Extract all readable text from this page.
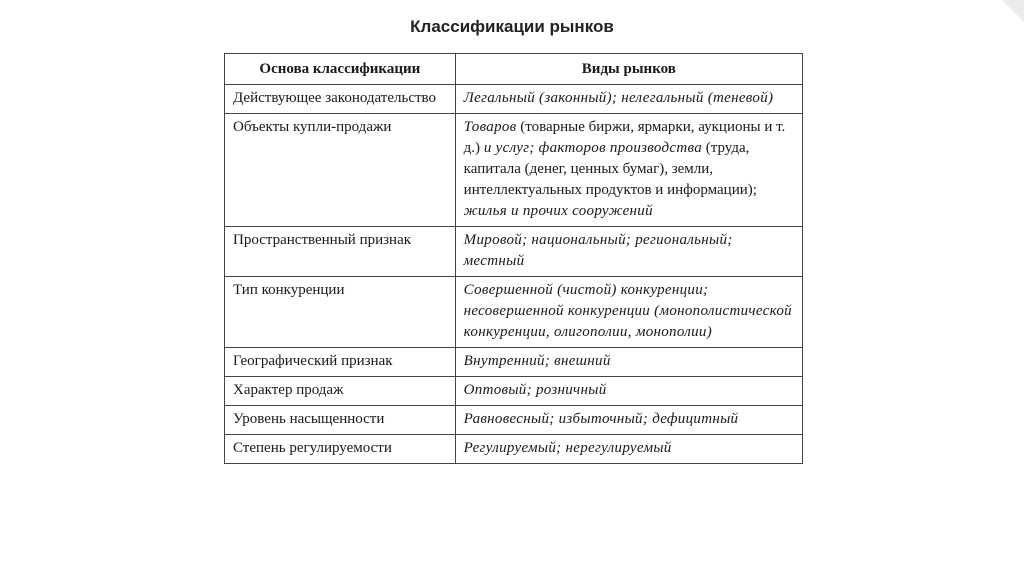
Классификации рынков
Основа классификации	Виды рынков
Действующее законодательство	Легальный (законный); нелегальный (теневой)
Объекты купли-продажи	Товаров (товарные биржи, ярмарки, аукционы и т. д.) и услуг; факторов производства (труда, капитала (денег, ценных бумаг), земли, интеллектуальных продуктов и информации); жилья и прочих сооружений
Пространственный признак	Мировой; национальный; региональный; местный
Тип конкуренции	Совершенной (чистой) конкуренции; несовершенной конкуренции (монополистической конкуренции, олигополии, монополии)
Географический признак	Внутренний; внешний
Характер продаж	Оптовый; розничный
Уровень насыщенности	Равновесный; избыточный; дефицитный
Степень регулируемости	Регулируемый; нерегулируемый
